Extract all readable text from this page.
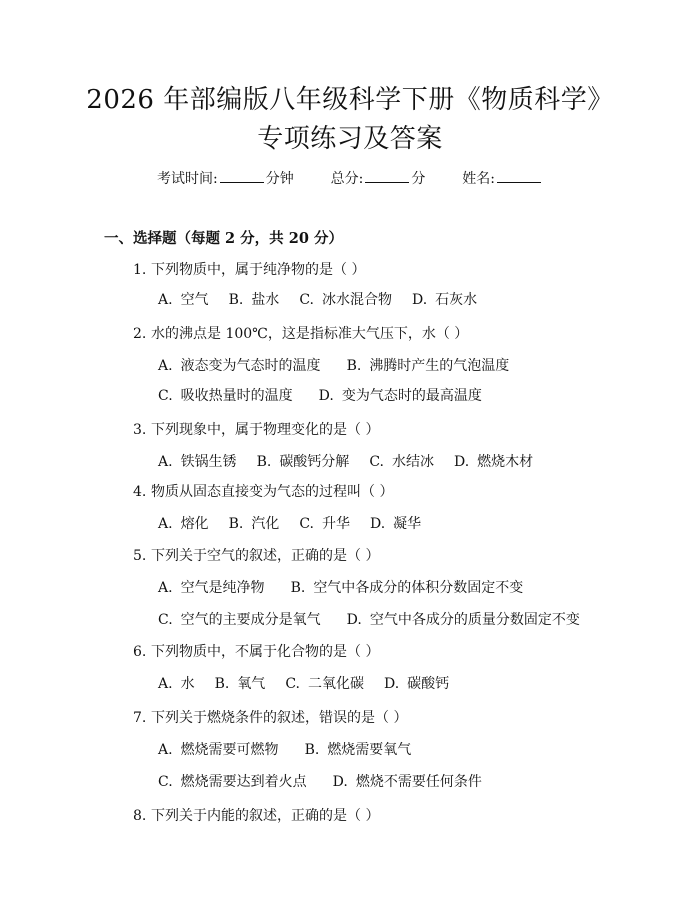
2026 年部编版八年级科学下册《物质科学》
专项练习及答案
考试时间:	分钟	总分:	分	姓名:
一、选择题（每题 2 分，共 20 分）
1. 下列物质中，属于纯净物的是（ ）
A. 空气 B. 盐水 C. 冰水混合物 D. 石灰水
2. 水的沸点是 100℃，这是指标准大气压下，水（ ）
A. 液态变为气态时的温度 B. 沸腾时产生的气泡温度
C. 吸收热量时的温度 D. 变为气态时的最高温度
3. 下列现象中，属于物理变化的是（ ）
A. 铁锅生锈 B. 碳酸钙分解 C. 水结冰 D. 燃烧木材
4. 物质从固态直接变为气态的过程叫（ ）
A. 熔化 B. 汽化 C. 升华 D. 凝华
5. 下列关于空气的叙述，正确的是（ ）
A. 空气是纯净物 B. 空气中各成分的体积分数固定不变
C. 空气的主要成分是氧气 D. 空气中各成分的质量分数固定不变
6. 下列物质中，不属于化合物的是（ ）
A. 水 B. 氧气 C. 二氧化碳 D. 碳酸钙
7. 下列关于燃烧条件的叙述，错误的是（ ）
A. 燃烧需要可燃物 B. 燃烧需要氧气
C. 燃烧需要达到着火点 D. 燃烧不需要任何条件
8. 下列关于内能的叙述，正确的是（ ）
